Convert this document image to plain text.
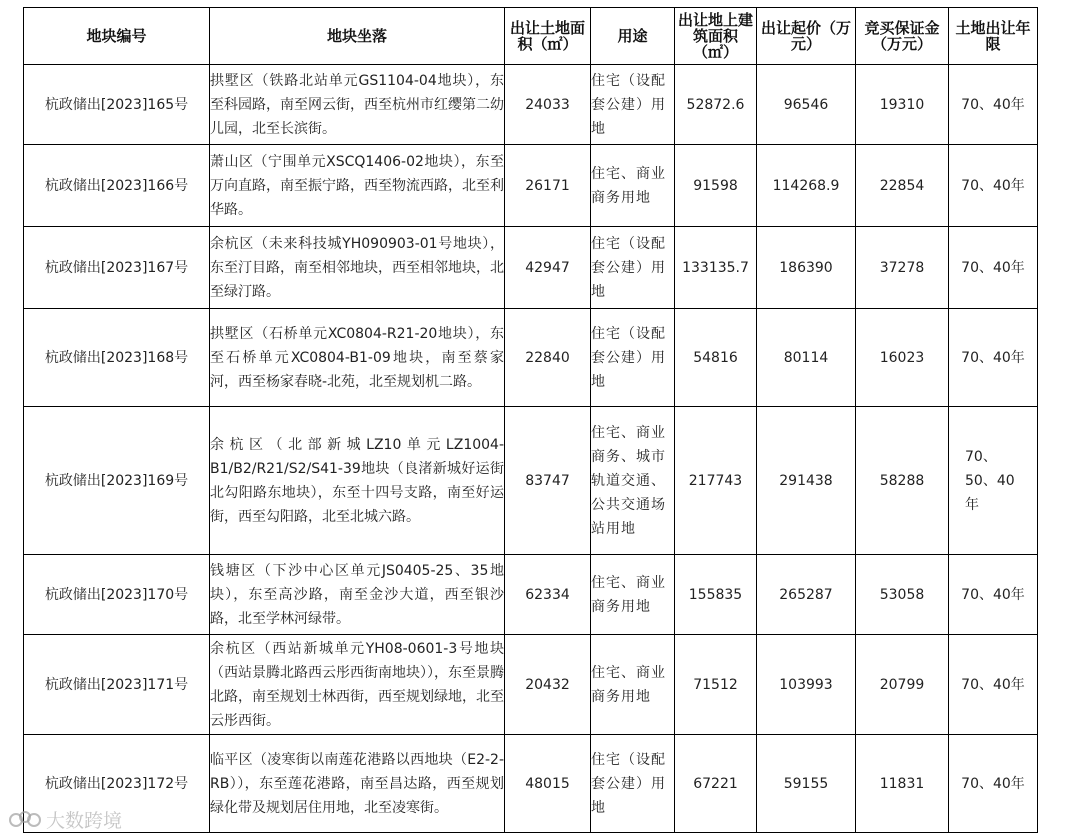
地块编号	地块坐落	出让土地面积（㎡）	用途	出让地上建筑面积（㎡）	出让起价（万元）	竞买保证金（万元）	土地出让年限
杭政储出[2023]165号	拱墅区（铁路北站单元GS1104-04地块），东至科园路，南至网云街，西至杭州市红缨第二幼儿园，北至长滨街。	24033	住宅（设配套公建）用地	52872.6	96546	19310	70、40年
杭政储出[2023]166号	萧山区（宁围单元XSCQ1406-02地块），东至万向直路，南至振宁路，西至物流西路，北至利华路。	26171	住宅、商业商务用地	91598	114268.9	22854	70、40年
杭政储出[2023]167号	余杭区（未来科技城YH090903-01号地块），东至汀目路，南至相邻地块，西至相邻地块，北至绿汀路。	42947	住宅（设配套公建）用地	133135.7	186390	37278	70、40年
杭政储出[2023]168号	拱墅区（石桥单元XC0804-R21-20地块），东至石桥单元XC0804-B1-09地块，南至蔡家河，西至杨家春晓-北苑，北至规划机二路。	22840	住宅（设配套公建）用地	54816	80114	16023	70、40年
杭政储出[2023]169号	余杭区（北部新城LZ10单元LZ1004-B1/B2/R21/S2/S41-39地块（良渚新城好运街北勾阳路东地块），东至十四号支路，南至好运街，西至勾阳路，北至北城六路。	83747	住宅、商业商务、城市轨道交通、公共交通场站用地	217743	291438	58288	70、50、40年
杭政储出[2023]170号	钱塘区（下沙中心区单元JS0405-25、35地块），东至高沙路，南至金沙大道，西至银沙路，北至学林河绿带。	62334	住宅、商业商务用地	155835	265287	53058	70、40年
杭政储出[2023]171号	余杭区（西站新城单元YH08-0601-3号地块（西站景腾北路西云彤西街南地块）），东至景腾北路，南至规划士林西街，西至规划绿地，北至云彤西街。	20432	住宅、商业商务用地	71512	103993	20799	70、40年
杭政储出[2023]172号	临平区（凌寒街以南莲花港路以西地块（E2-2-RB）），东至莲花港路，南至昌达路，西至规划绿化带及规划居住用地，北至凌寒街。	48015	住宅（设配套公建）用地	67221	59155	11831	70、40年
大数跨境
